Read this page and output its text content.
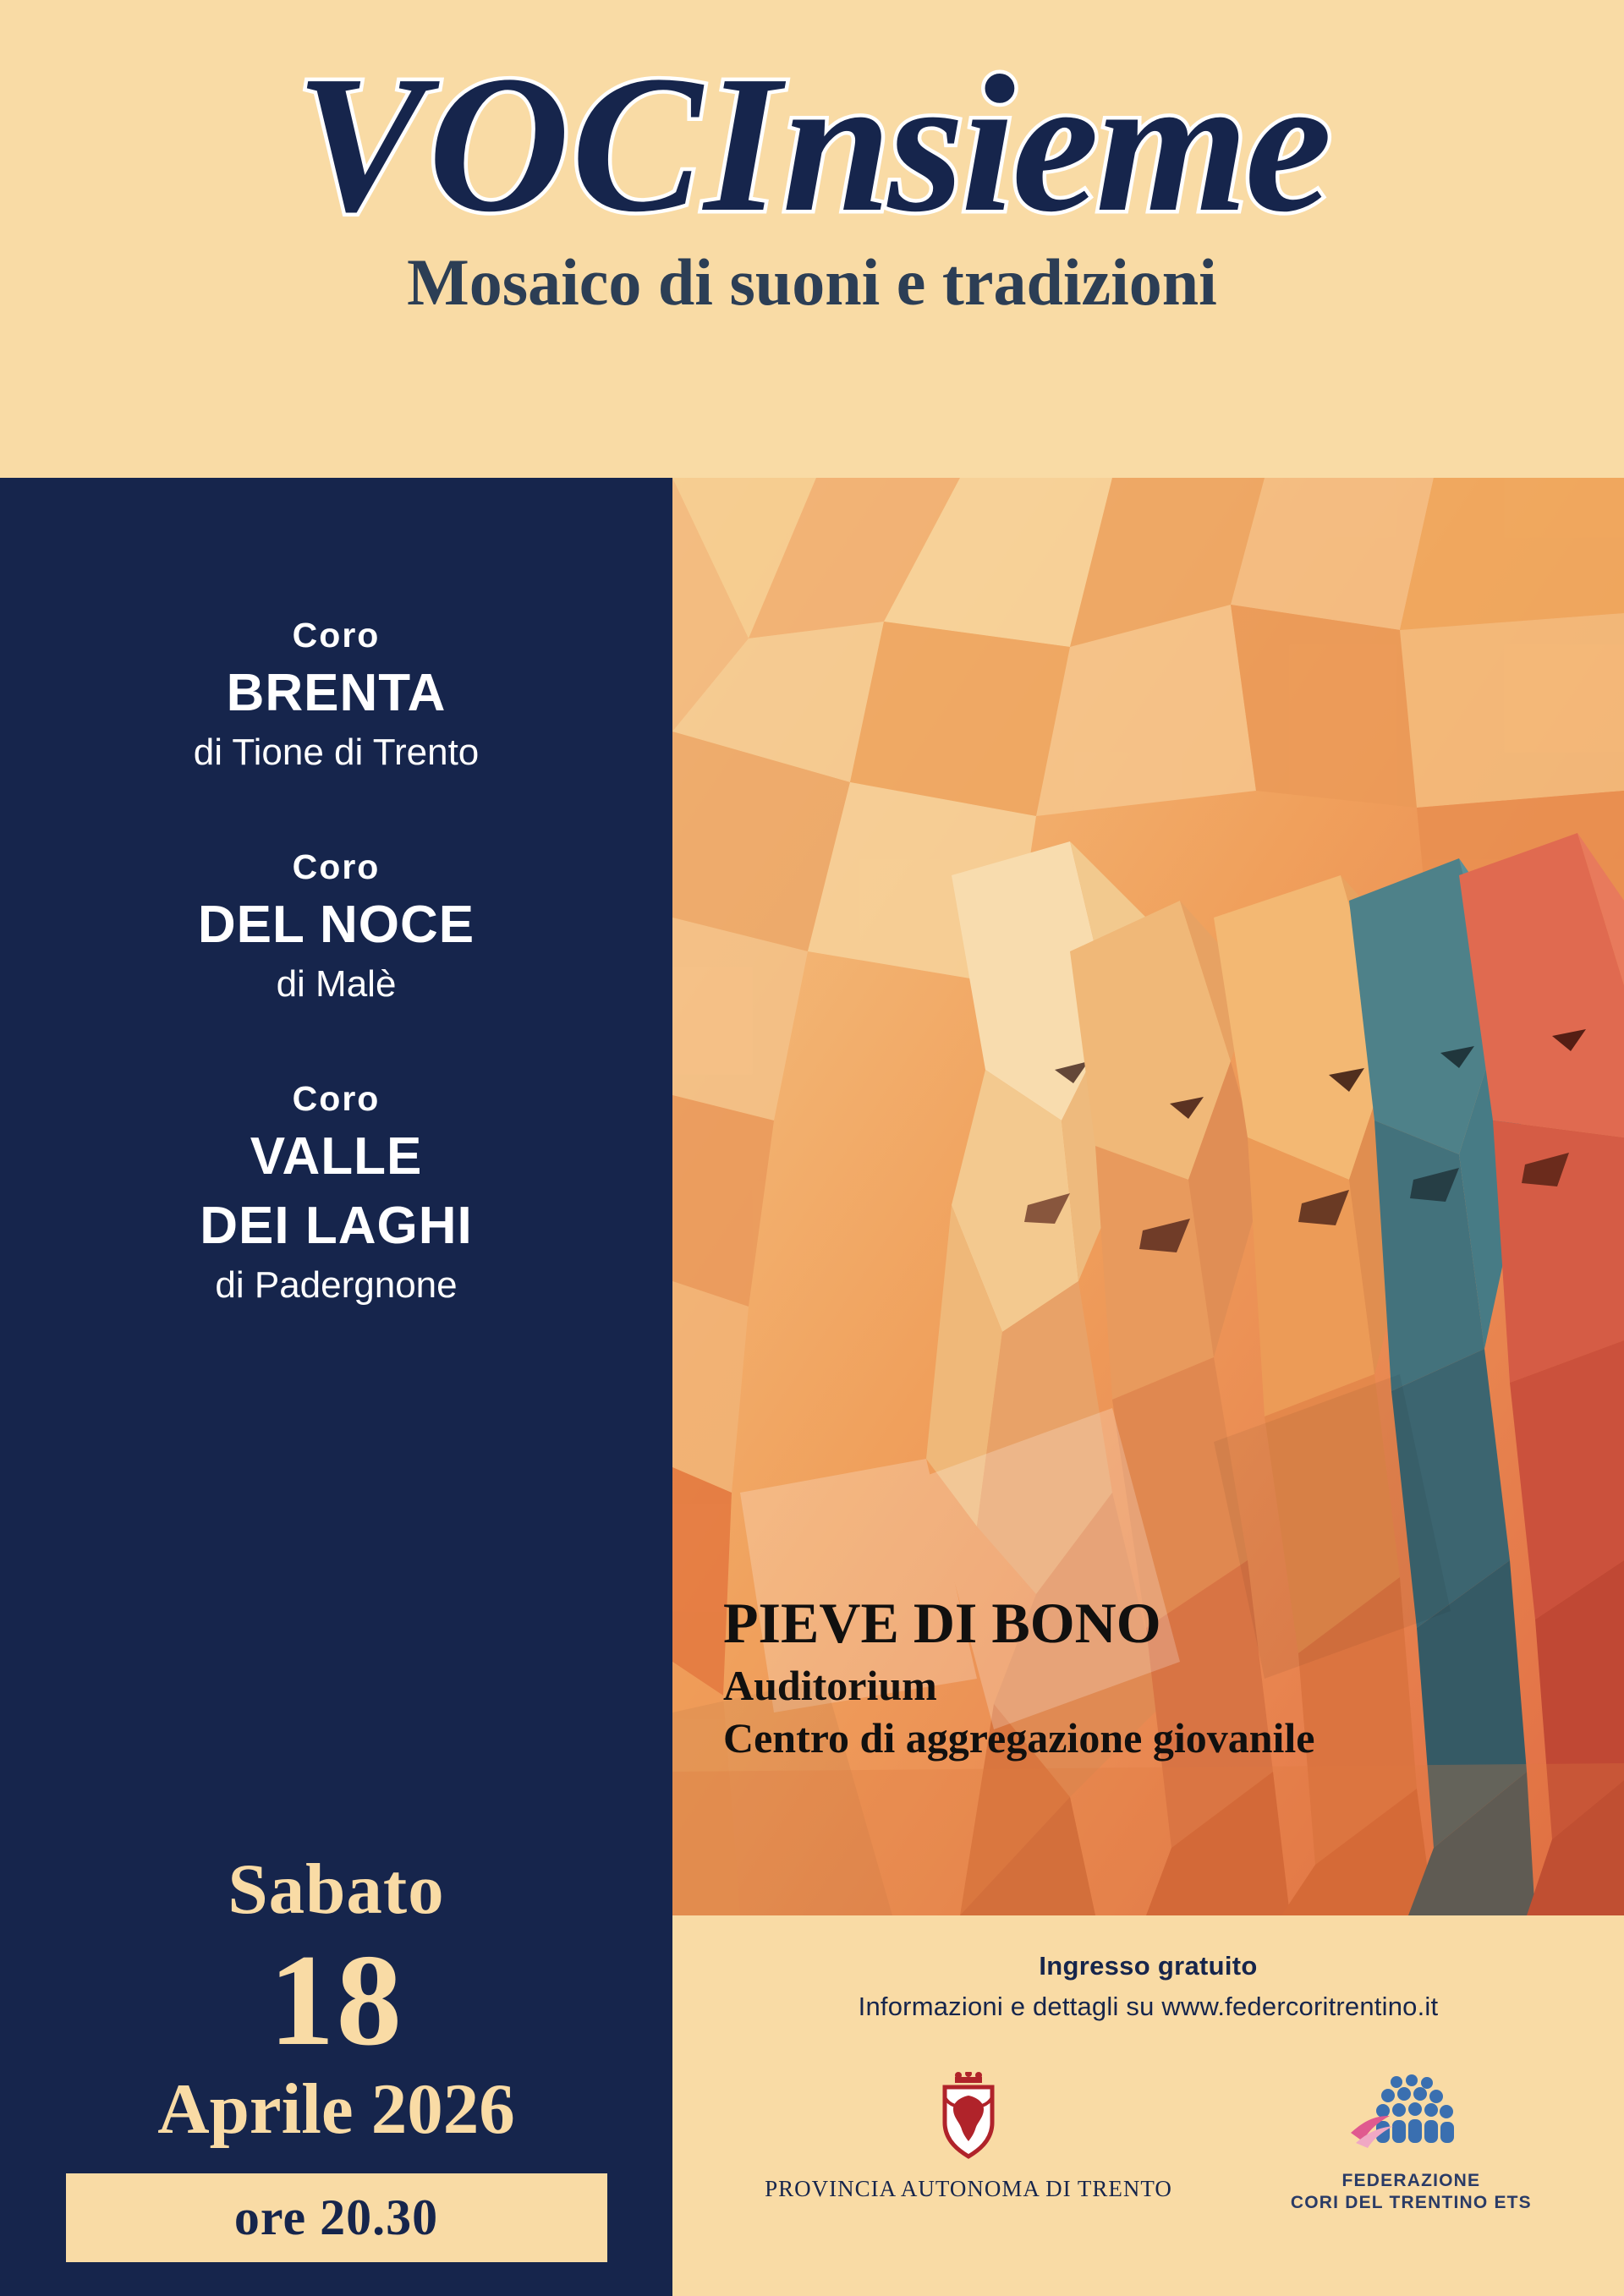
VOCInsieme
Mosaico di suoni e tradizioni
Coro
BRENTA
di Tione di Trento
Coro
DEL NOCE
di Malè
Coro
VALLE
DEI LAGHI
di Padergnone
Sabato
18
Aprile 2026
ore 20.30
PIEVE DI BONO
Auditorium
Centro di aggregazione giovanile
Ingresso gratuito
Informazioni e dettagli su www.federcoritrentino.it
PROVINCIA AUTONOMA DI TRENTO	FEDERAZIONE
CORI DEL TRENTINO ETS
